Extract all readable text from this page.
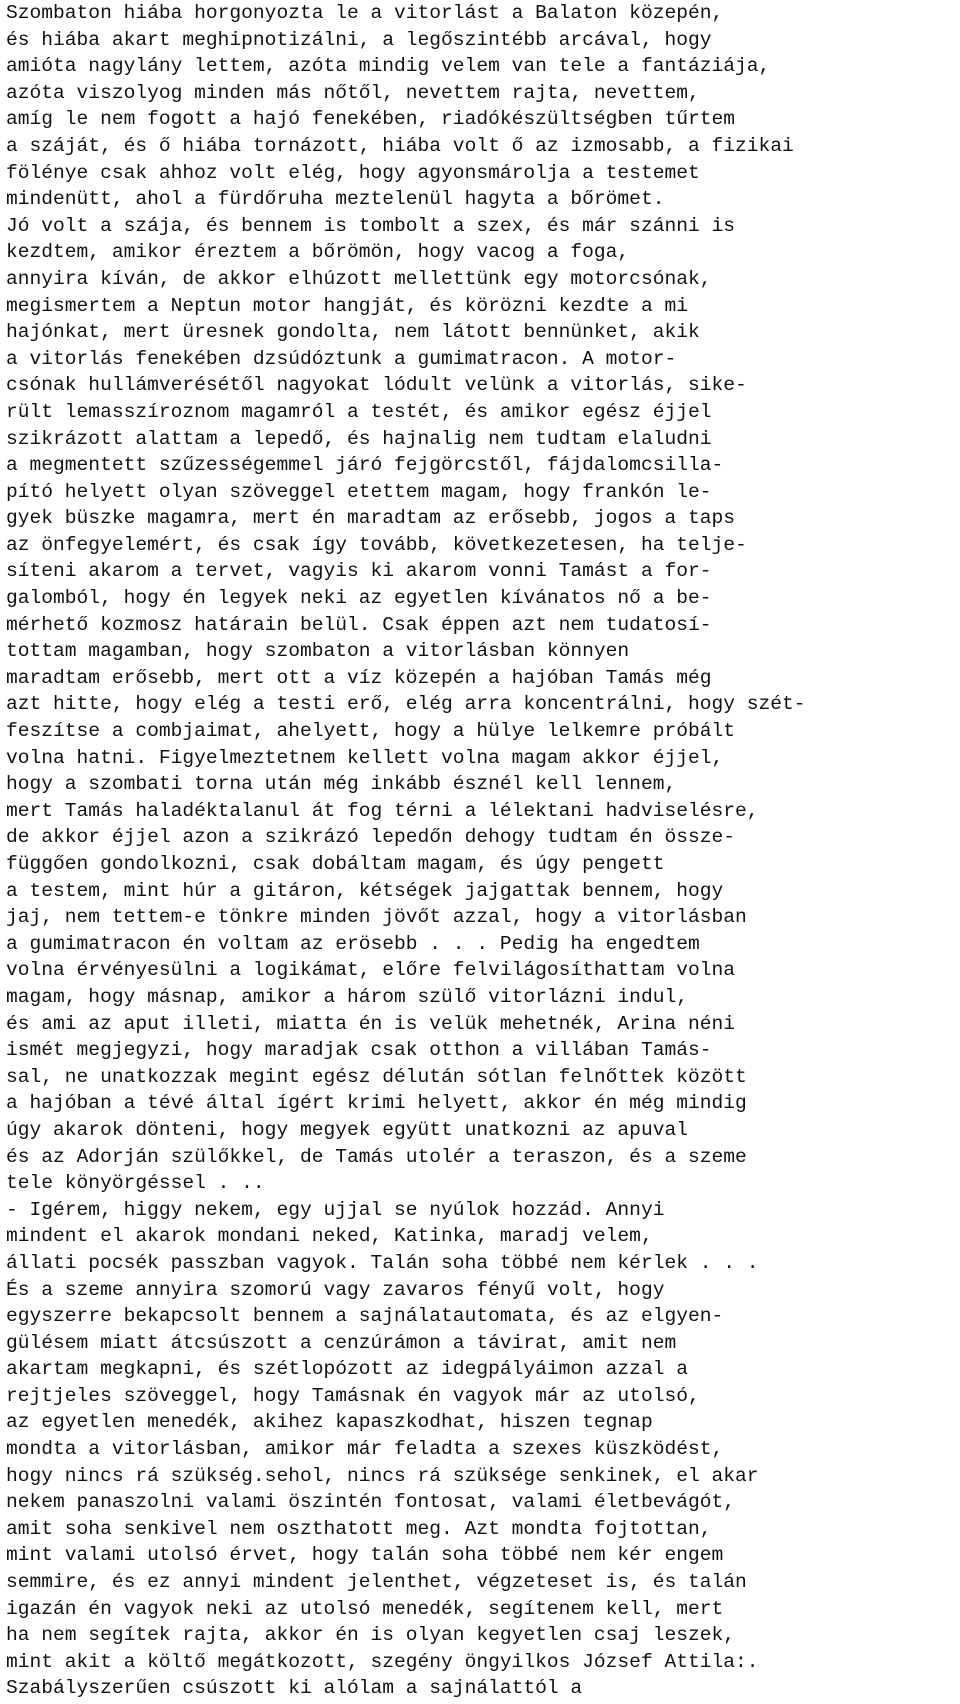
Szombaton hiába horgonyozta le a vitorlást a Balaton közepén,
és hiába akart meghipnotizálni, a legőszintébb arcával, hogy
amióta nagylány lettem, azóta mindig velem van tele a fantáziája,
azóta viszolyog minden más nőtől, nevettem rajta, nevettem,
amíg le nem fogott a hajó fenekében, riadókészültségben tűrtem
a száját, és ő hiába tornázott, hiába volt ő az izmosabb, a fizikai
fölénye csak ahhoz volt elég, hogy agyonsmárolja a testemet
mindenütt, ahol a fürdőruha meztelenül hagyta a bőrömet.
Jó volt a szája, és bennem is tombolt a szex, és már szánni is
kezdtem, amikor éreztem a bőrömön, hogy vacog a foga,
annyira kíván, de akkor elhúzott mellettünk egy motorcsónak,
megismertem a Neptun motor hangját, és körözni kezdte a mi
hajónkat, mert üresnek gondolta, nem látott bennünket, akik
a vitorlás fenekében dzsúdóztunk a gumimatracon. A motor-
csónak hullámverésétől nagyokat lódult velünk a vitorlás, sike-
rült lemasszíroznom magamról a testét, és amikor egész éjjel
szikrázott alattam a lepedő, és hajnalig nem tudtam elaludni
a megmentett szűzességemmel járó fejgörcstől, fájdalomcsilla-
pító helyett olyan szöveggel etettem magam, hogy frankón le-
gyek büszke magamra, mert én maradtam az erősebb, jogos a taps
az önfegyelemért, és csak így tovább, következetesen, ha telje-
síteni akarom a tervet, vagyis ki akarom vonni Tamást a for-
galomból, hogy én legyek neki az egyetlen kívánatos nő a be-
mérhető kozmosz határain belül. Csak éppen azt nem tudatosí-
tottam magamban, hogy szombaton a vitorlásban könnyen
maradtam erősebb, mert ott a víz közepén a hajóban Tamás még
azt hitte, hogy elég a testi erő, elég arra koncentrálni, hogy szét-
feszítse a combjaimat, ahelyett, hogy a hülye lelkemre próbált
volna hatni. Figyelmeztetnem kellett volna magam akkor éjjel,
hogy a szombati torna után még inkább észnél kell lennem,
mert Tamás haladéktalanul át fog térni a lélektani hadviselésre,
de akkor éjjel azon a szikrázó lepedőn dehogy tudtam én össze-
függően gondolkozni, csak dobáltam magam, és úgy pengett
a testem, mint húr a gitáron, kétségek jajgattak bennem, hogy
jaj, nem tettem-e tönkre minden jövőt azzal, hogy a vitorlásban
a gumimatracon én voltam az erösebb . . . Pedig ha engedtem
volna érvényesülni a logikámat, előre felvilágosíthattam volna
magam, hogy másnap, amikor a három szülő vitorlázni indul,
és ami az aput illeti, miatta én is velük mehetnék, Arina néni
ismét megjegyzi, hogy maradjak csak otthon a villában Tamás-
sal, ne unatkozzak megint egész délután sótlan felnőttek között
a hajóban a tévé által ígért krimi helyett, akkor én még mindig
úgy akarok dönteni, hogy megyek együtt unatkozni az apuval
és az Adorján szülőkkel, de Tamás utolér a teraszon, és a szeme
tele könyörgéssel . ..
- Igérem, higgy nekem, egy ujjal se nyúlok hozzád. Annyi
mindent el akarok mondani neked, Katinka, maradj velem,
állati pocsék passzban vagyok. Talán soha többé nem kérlek . . .
És a szeme annyira szomorú vagy zavaros fényű volt, hogy
egyszerre bekapcsolt bennem a sajnálatautomata, és az elgyen-
gülésem miatt átcsúszott a cenzúrámon a távirat, amit nem
akartam megkapni, és szétlopózott az idegpályáimon azzal a
rejtjeles szöveggel, hogy Tamásnak én vagyok már az utolsó,
az egyetlen menedék, akihez kapaszkodhat, hiszen tegnap
mondta a vitorlásban, amikor már feladta a szexes küszködést,
hogy nincs rá szükség.sehol, nincs rá szüksége senkinek, el akar
nekem panaszolni valami öszintén fontosat, valami életbevágót,
amit soha senkivel nem oszthatott meg. Azt mondta fojtottan,
mint valami utolsó érvet, hogy talán soha többé nem kér engem
semmire, és ez annyi mindent jelenthet, végzeteset is, és talán
igazán én vagyok neki az utolsó menedék, segítenem kell, mert
ha nem segítek rajta, akkor én is olyan kegyetlen csaj leszek,
mint akit a költő megátkozott, szegény öngyilkos József Attila:.
Szabályszerűen csúszott ki alólam a sajnálattól a
